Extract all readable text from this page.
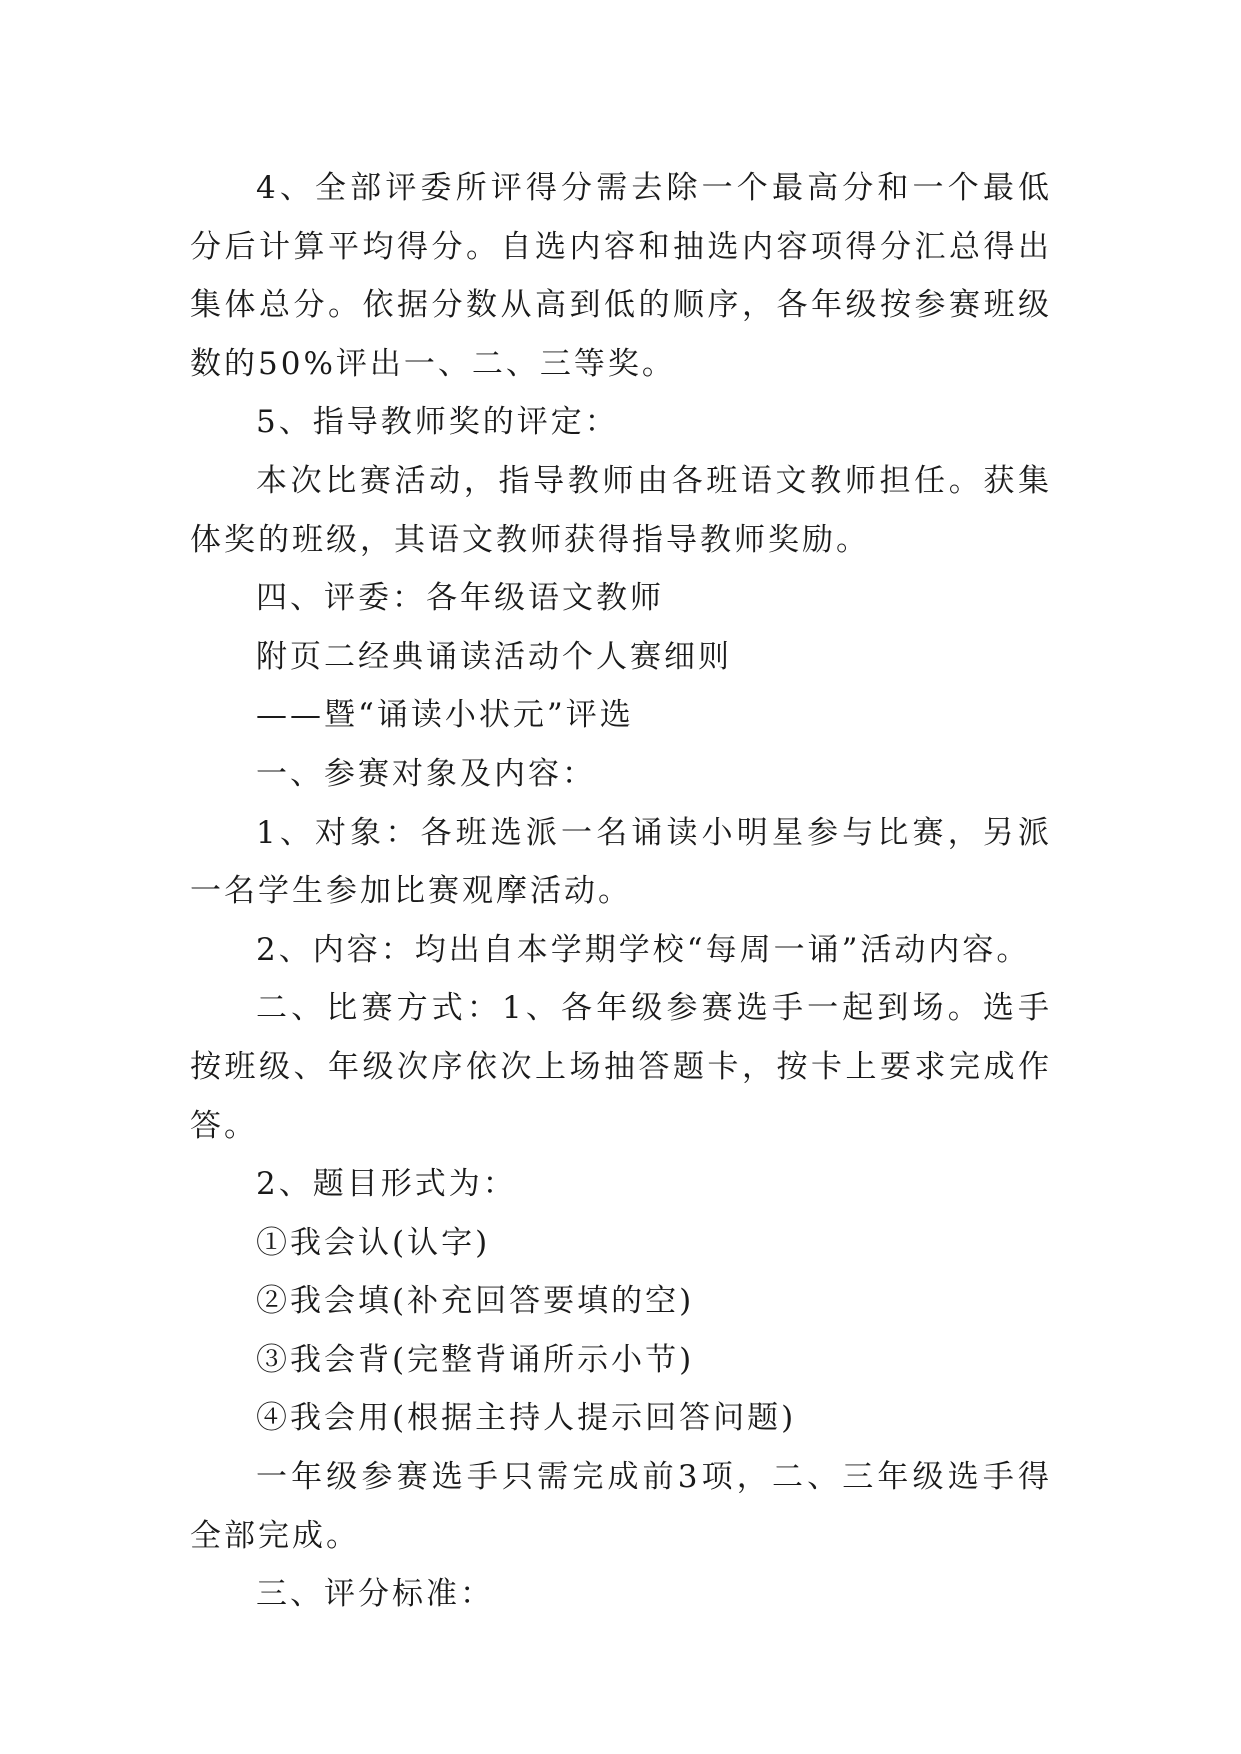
4、全部评委所评得分需去除一个最高分和一个最低分后计算平均得分。自选内容和抽选内容项得分汇总得出集体总分。依据分数从高到低的顺序，各年级按参赛班级数的50%评出一、二、三等奖。

5、指导教师奖的评定：

本次比赛活动，指导教师由各班语文教师担任。获集体奖的班级，其语文教师获得指导教师奖励。

四、评委：各年级语文教师

附页二经典诵读活动个人赛细则

——暨“诵读小状元”评选

一、参赛对象及内容：

1、对象：各班选派一名诵读小明星参与比赛，另派一名学生参加比赛观摩活动。

2、内容：均出自本学期学校“每周一诵”活动内容。

二、比赛方式：1、各年级参赛选手一起到场。选手按班级、年级次序依次上场抽答题卡，按卡上要求完成作答。

2、题目形式为：

①我会认(认字)

②我会填(补充回答要填的空)

③我会背(完整背诵所示小节)

④我会用(根据主持人提示回答问题)

一年级参赛选手只需完成前3项，二、三年级选手得全部完成。

三、评分标准：
